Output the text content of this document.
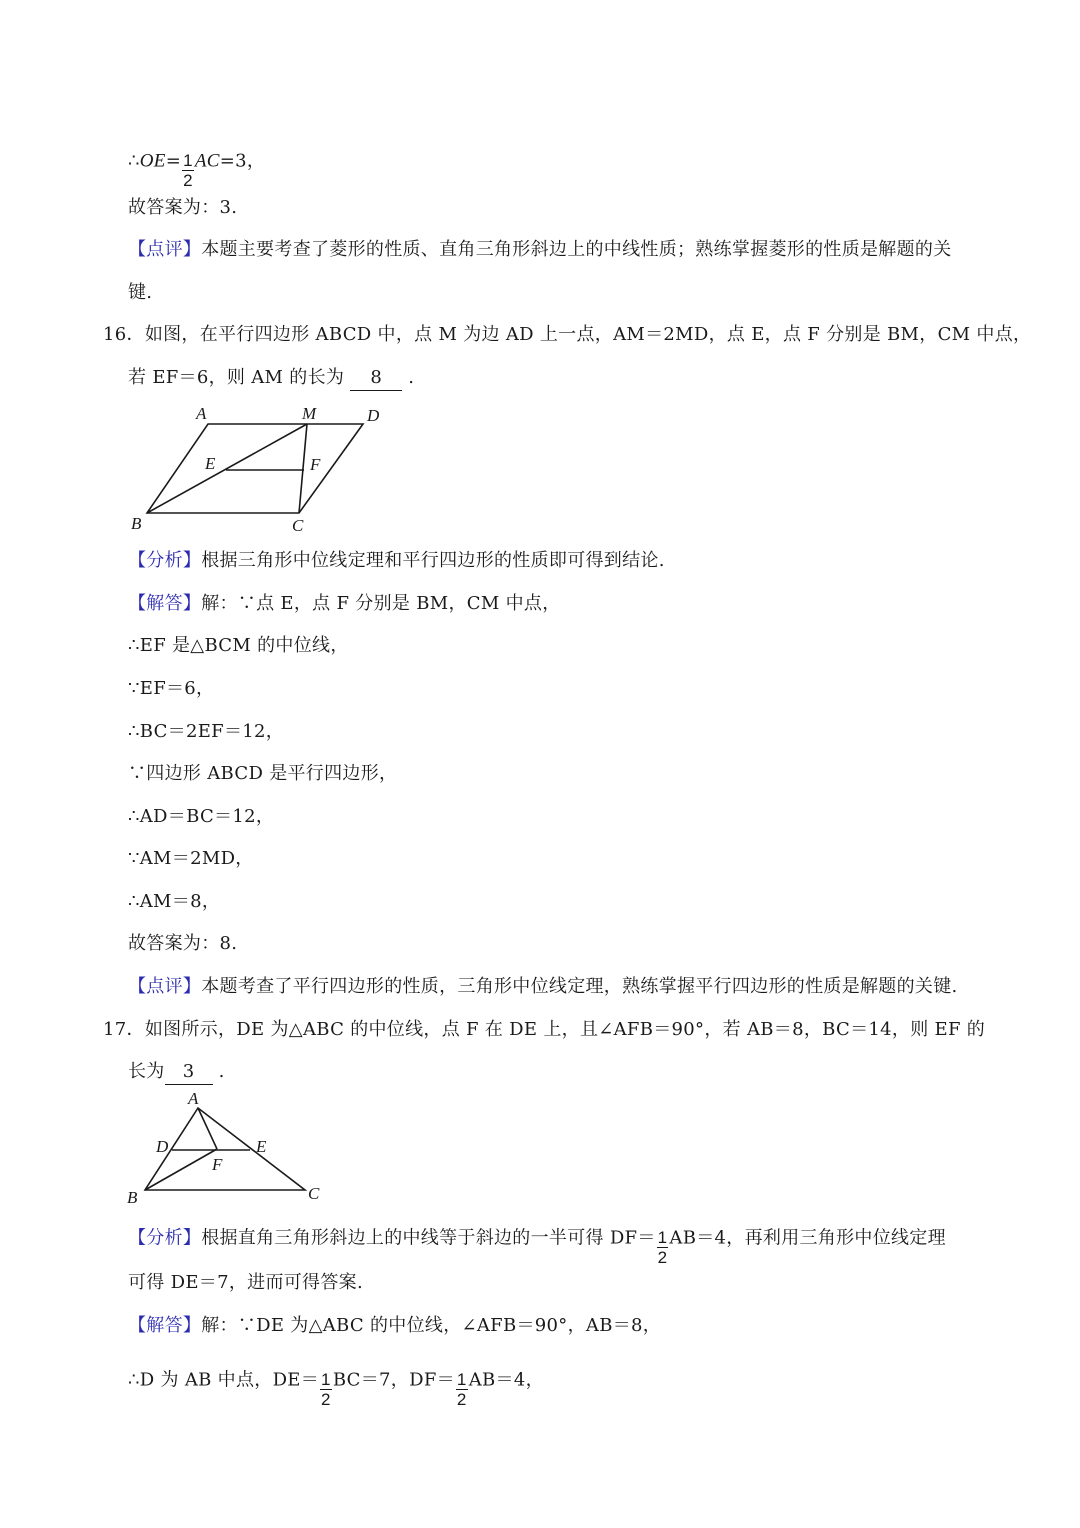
∴OE= $\frac{1}{2} AC=3$，
故答案为：3.
【点评】本题主要考查了菱形的性质、直角三角形斜边上的中线性质；熟练掌握菱形的性质是解题的关
键.
16．如图，在平行四边形 ABCD 中，点 M 为边 AD 上一点，AM＝2MD，点 E，点 F 分别是 BM，CM 中点，
若 EF＝6，则 AM 的长为 8 .
A	M	D
B	C
E	F
【分析】根据三角形中位线定理和平行四边形的性质即可得到结论.
【解答】解：∵点 E，点 F 分别是 BM，CM 中点，
∴EF 是△BCM 的中位线，
∵EF＝6，
∴BC＝2EF＝12，
∵四边形 ABCD 是平行四边形，
∴AD＝BC＝12，
∵AM＝2MD，
∴AM＝8，
故答案为：8.
【点评】本题考查了平行四边形的性质，三角形中位线定理，熟练掌握平行四边形的性质是解题的关键.
17．如图所示，DE 为△ABC 的中位线，点 F 在 DE 上，且∠AFB＝90°，若 AB＝8，BC＝14，则 EF 的
长为 3 .
A
D	E
F
B	C
【分析】根据直角三角形斜边上的中线等于斜边的一半可得 $DF= \frac{1}{2} AB=4$，再利用三角形中位线定理
可得 DE＝7，进而可得答案.
【解答】解：∵DE 为△ABC 的中位线，∠AFB＝90°，AB＝8，
∴D 为 AB 中点，$DE= \frac{1}{2} BC=7$，$DF= \frac{1}{2} AB=4$，
